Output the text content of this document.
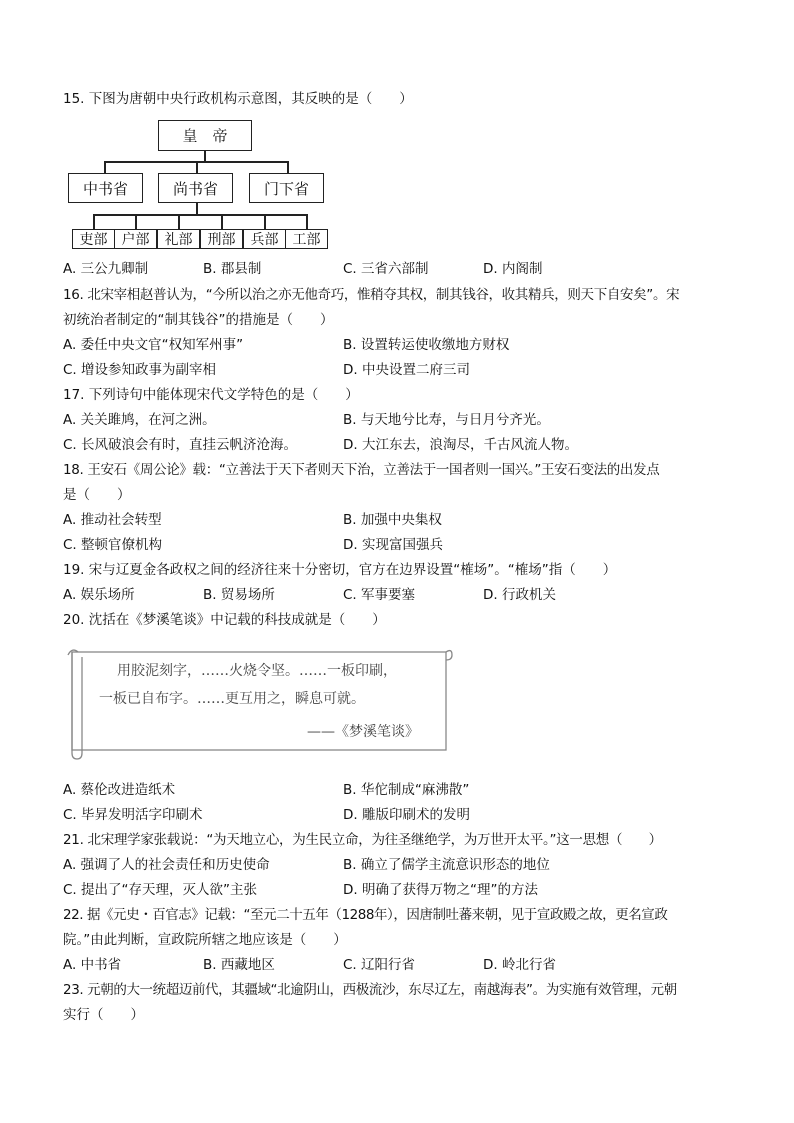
15. 下图为唐朝中央行政机构示意图，其反映的是（　　）
皇　帝
中书省	尚书省	门下省
吏部	户部	礼部	刑部	兵部	工部
A. 三公九卿制	B. 郡县制	C. 三省六部制	D. 内阁制
16. 北宋宰相赵普认为，“今所以治之亦无他奇巧，惟稍夺其权，制其钱谷，收其精兵，则天下自安矣”。宋
初统治者制定的“制其钱谷”的措施是（　　）
A. 委任中央文官“权知军州事”	B. 设置转运使收缴地方财权
C. 增设参知政事为副宰相	D. 中央设置二府三司
17. 下列诗句中能体现宋代文学特色的是（　　）
A. 关关雎鸠，在河之洲。	B. 与天地兮比寿，与日月兮齐光。
C. 长风破浪会有时，直挂云帆济沧海。	D. 大江东去，浪淘尽，千古风流人物。
18. 王安石《周公论》载：“立善法于天下者则天下治，立善法于一国者则一国兴。”王安石变法的出发点
是（　　）
A. 推动社会转型	B. 加强中央集权
C. 整顿官僚机构	D. 实现富国强兵
19. 宋与辽夏金各政权之间的经济往来十分密切，官方在边界设置“榷场”。“榷场”指（　　）
A. 娱乐场所	B. 贸易场所	C. 军事要塞	D. 行政机关
20. 沈括在《梦溪笔谈》中记载的科技成就是（　　）
用胶泥刻字，……火烧令坚。……一板印刷，
一板已自布字。……更互用之，瞬息可就。
——《梦溪笔谈》
A. 蔡伦改进造纸术	B. 华佗制成“麻沸散”
C. 毕昇发明活字印刷术	D. 雕版印刷术的发明
21. 北宋理学家张载说：“为天地立心，为生民立命，为往圣继绝学，为万世开太平。”这一思想（　　）
A. 强调了人的社会责任和历史使命	B. 确立了儒学主流意识形态的地位
C. 提出了“存天理，灭人欲”主张	D. 明确了获得万物之“理”的方法
22. 据《元史・百官志》记载：“至元二十五年（1288年），因唐制吐蕃来朝，见于宣政殿之故，更名宣政
院。”由此判断，宣政院所辖之地应该是（　　）
A. 中书省	B. 西藏地区	C. 辽阳行省	D. 岭北行省
23. 元朝的大一统超迈前代，其疆域“北逾阴山，西极流沙，东尽辽左，南越海表”。为实施有效管理，元朝
实行（　　）
